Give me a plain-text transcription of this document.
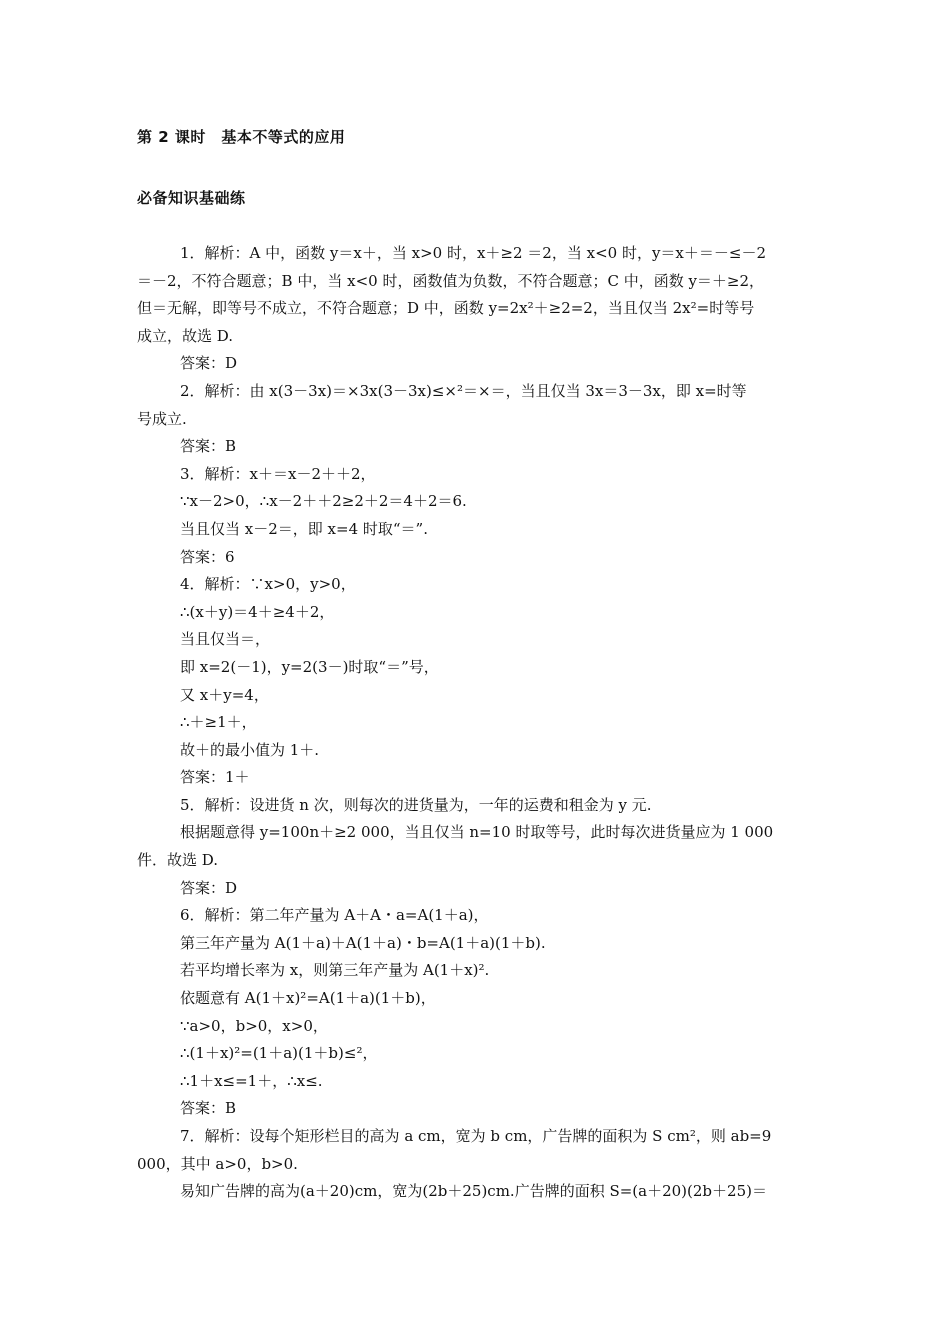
第 2 课时　基本不等式的应用
必备知识基础练
1．解析：A 中，函数 y＝x＋，当 x>0 时，x＋≥2 ＝2，当 x<0 时，y＝x＋＝－≤－2
＝－2，不符合题意；B 中，当 x<0 时，函数值为负数，不符合题意；C 中，函数 y＝＋≥2，
但＝无解，即等号不成立，不符合题意；D 中，函数 y=2x²＋≥2=2，当且仅当 2x²=时等号
成立，故选 D.
答案：D
2．解析：由 x(3－3x)＝×3x(3－3x)≤×²＝×＝，当且仅当 3x＝3－3x，即 x=时等
号成立.
答案：B
3．解析：x＋＝x－2＋＋2，
∵x－2>0，∴x－2＋＋2≥2＋2＝4＋2＝6.
当且仅当 x－2＝，即 x=4 时取“＝”.
答案：6
4．解析：∵x>0，y>0，
∴(x＋y)＝4＋≥4＋2，
当且仅当＝，
即 x=2(－1)，y=2(3－)时取“＝”号，
又 x＋y=4，
∴＋≥1＋，
故＋的最小值为 1＋.
答案：1＋
5．解析：设进货 n 次，则每次的进货量为，一年的运费和租金为 y 元.
根据题意得 y=100n＋≥2 000，当且仅当 n=10 时取等号，此时每次进货量应为 1 000
件．故选 D.
答案：D
6．解析：第二年产量为 A＋A・a=A(1＋a)，
第三年产量为 A(1＋a)＋A(1＋a)・b=A(1＋a)(1＋b).
若平均增长率为 x，则第三年产量为 A(1＋x)².
依题意有 A(1＋x)²=A(1＋a)(1＋b)，
∵a>0，b>0，x>0，
∴(1＋x)²=(1＋a)(1＋b)≤²，
∴1＋x≤=1＋，∴x≤.
答案：B
7．解析：设每个矩形栏目的高为 a cm，宽为 b cm，广告牌的面积为 S cm²，则 ab=9
000，其中 a>0，b>0.
易知广告牌的高为(a＋20)cm，宽为(2b＋25)cm.广告牌的面积 S=(a＋20)(2b＋25)＝
